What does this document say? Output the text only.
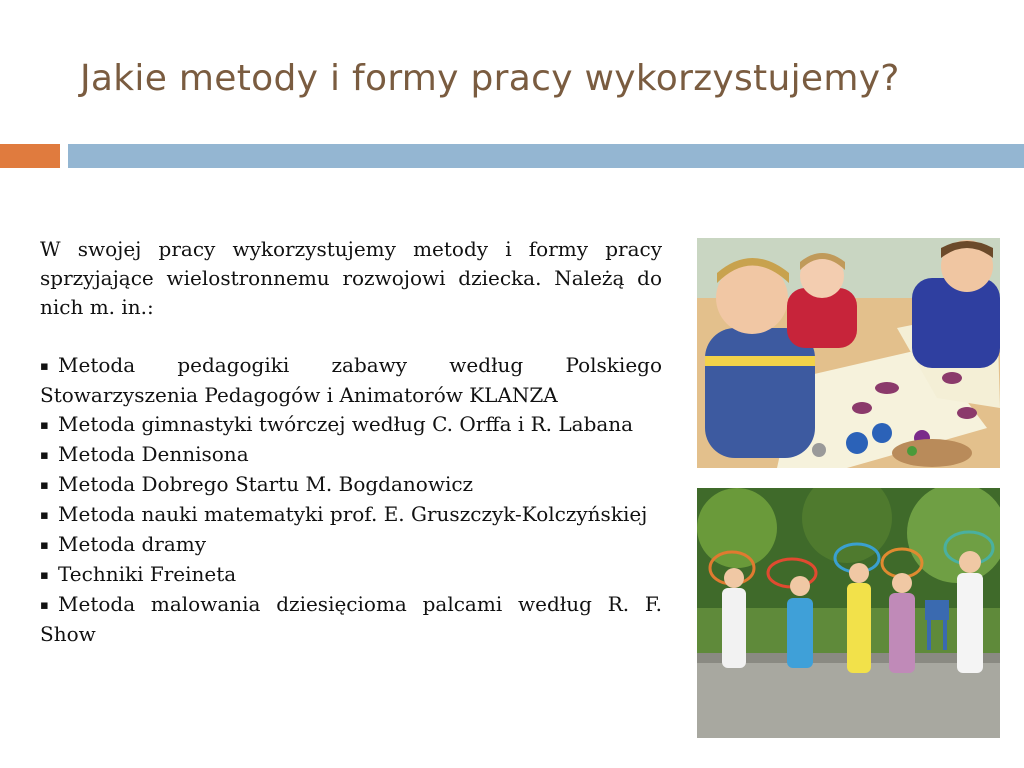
Jakie metody i formy pracy wykorzystujemy?

W swojej pracy wykorzystujemy metody i formy pracy sprzyjające wielostronnemu rozwojowi dziecka. Należą do nich m. in.:

▪ Metoda pedagogiki zabawy według Polskiego Stowarzyszenia Pedagogów i Animatorów KLANZA
▪ Metoda gimnastyki twórczej według C. Orffa i R. Labana
▪ Metoda Dennisona
▪ Metoda Dobrego Startu M. Bogdanowicz
▪ Metoda nauki matematyki prof. E. Gruszczyk-Kolczyńskiej
▪ Metoda dramy
▪ Techniki Freineta
▪ Metoda malowania dziesięcioma palcami według R. F. Show
